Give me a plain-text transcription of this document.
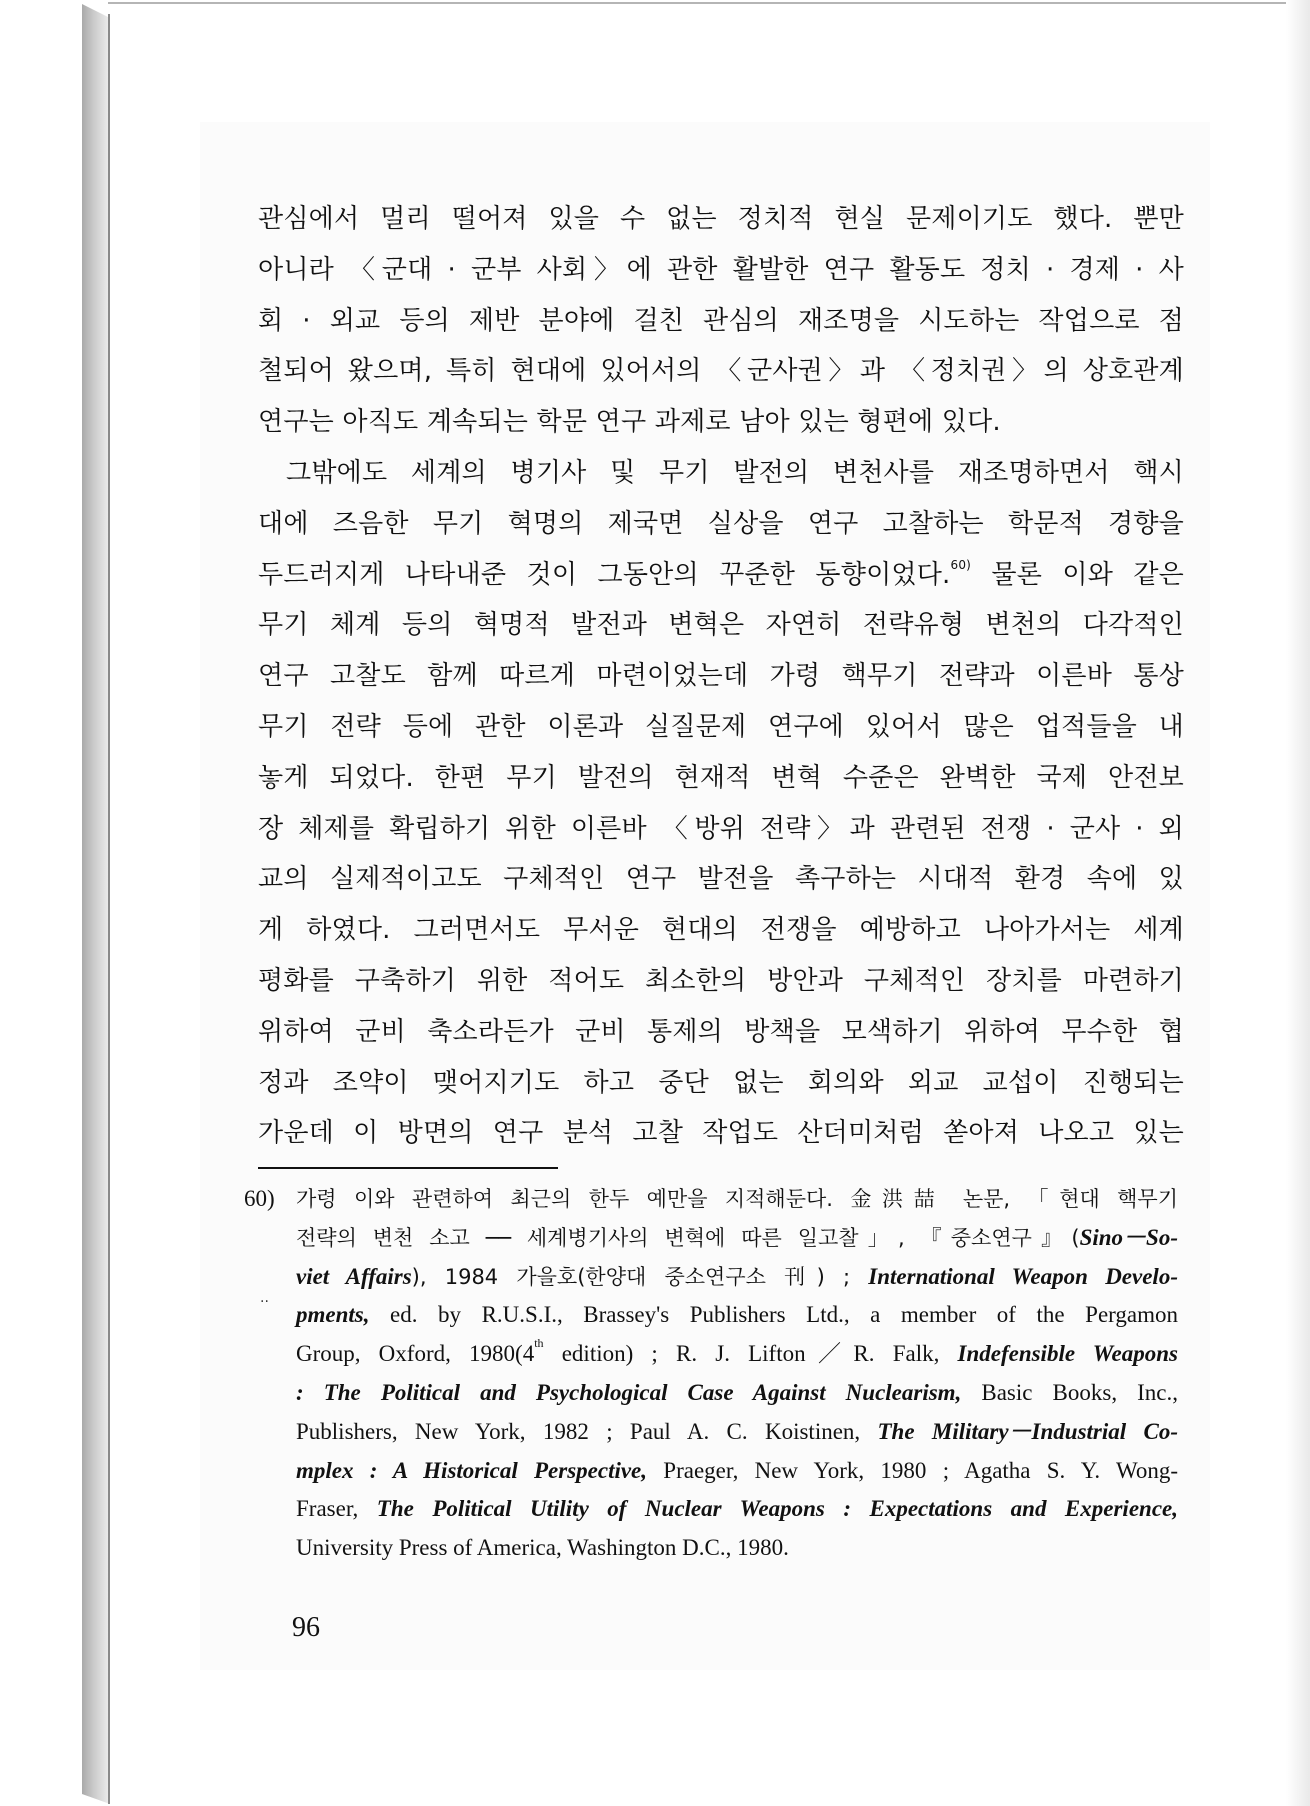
관심에서 멀리 떨어져 있을 수 없는 정치적 현실 문제이기도 했다. 뿐만
아니라 〈군대 · 군부 사회〉에 관한 활발한 연구 활동도 정치 · 경제 · 사
회 · 외교 등의 제반 분야에 걸친 관심의 재조명을 시도하는 작업으로 점
철되어 왔으며, 특히 현대에 있어서의 〈군사권〉과 〈정치권〉의 상호관계
연구는 아직도 계속되는 학문 연구 과제로 남아 있는 형편에 있다.
그밖에도 세계의 병기사 및 무기 발전의 변천사를 재조명하면서 핵시
대에 즈음한 무기 혁명의 제국면 실상을 연구 고찰하는 학문적 경향을
두드러지게 나타내준 것이 그동안의 꾸준한 동향이었다.$^{60)}$ 물론 이와 같은
무기 체계 등의 혁명적 발전과 변혁은 자연히 전략유형 변천의 다각적인
연구 고찰도 함께 따르게 마련이었는데 가령 핵무기 전략과 이른바 통상
무기 전략 등에 관한 이론과 실질문제 연구에 있어서 많은 업적들을 내
놓게 되었다. 한편 무기 발전의 현재적 변혁 수준은 완벽한 국제 안전보
장 체제를 확립하기 위한 이른바 〈방위 전략〉과 관련된 전쟁 · 군사 · 외
교의 실제적이고도 구체적인 연구 발전을 촉구하는 시대적 환경 속에 있
게 하였다. 그러면서도 무서운 현대의 전쟁을 예방하고 나아가서는 세계
평화를 구축하기 위한 적어도 최소한의 방안과 구체적인 장치를 마련하기
위하여 군비 축소라든가 군비 통제의 방책을 모색하기 위하여 무수한 협
정과 조약이 맺어지기도 하고 중단 없는 회의와 외교 교섭이 진행되는
가운데 이 방면의 연구 분석 고찰 작업도 산더미처럼 쏟아져 나오고 있는
60) 가령 이와 관련하여 최근의 한두 예만을 지적해둔다. 金洪喆 논문, 「현대 핵무기
전략의 변천 소고 ── 세계병기사의 변혁에 따른 일고찰」, 『중소연구』(Sino－So-
viet Affairs), 1984 가을호(한양대 중소연구소 刊) ; International Weapon Develo-
pments, ed. by R.U.S.I., Brassey's Publishers Ltd., a member of the Pergamon
Group, Oxford, 1980(4th edition) ; R. J. Lifton／R. Falk, Indefensible Weapons
: The Political and Psychological Case Against Nuclearism, Basic Books, Inc.,
Publishers, New York, 1982 ; Paul A. C. Koistinen, The Military－Industrial Co-
mplex : A Historical Perspective, Praeger, New York, 1980 ; Agatha S. Y. Wong-
Fraser, The Political Utility of Nuclear Weapons : Expectations and Experience,
University Press of America, Washington D.C., 1980.
..
96
